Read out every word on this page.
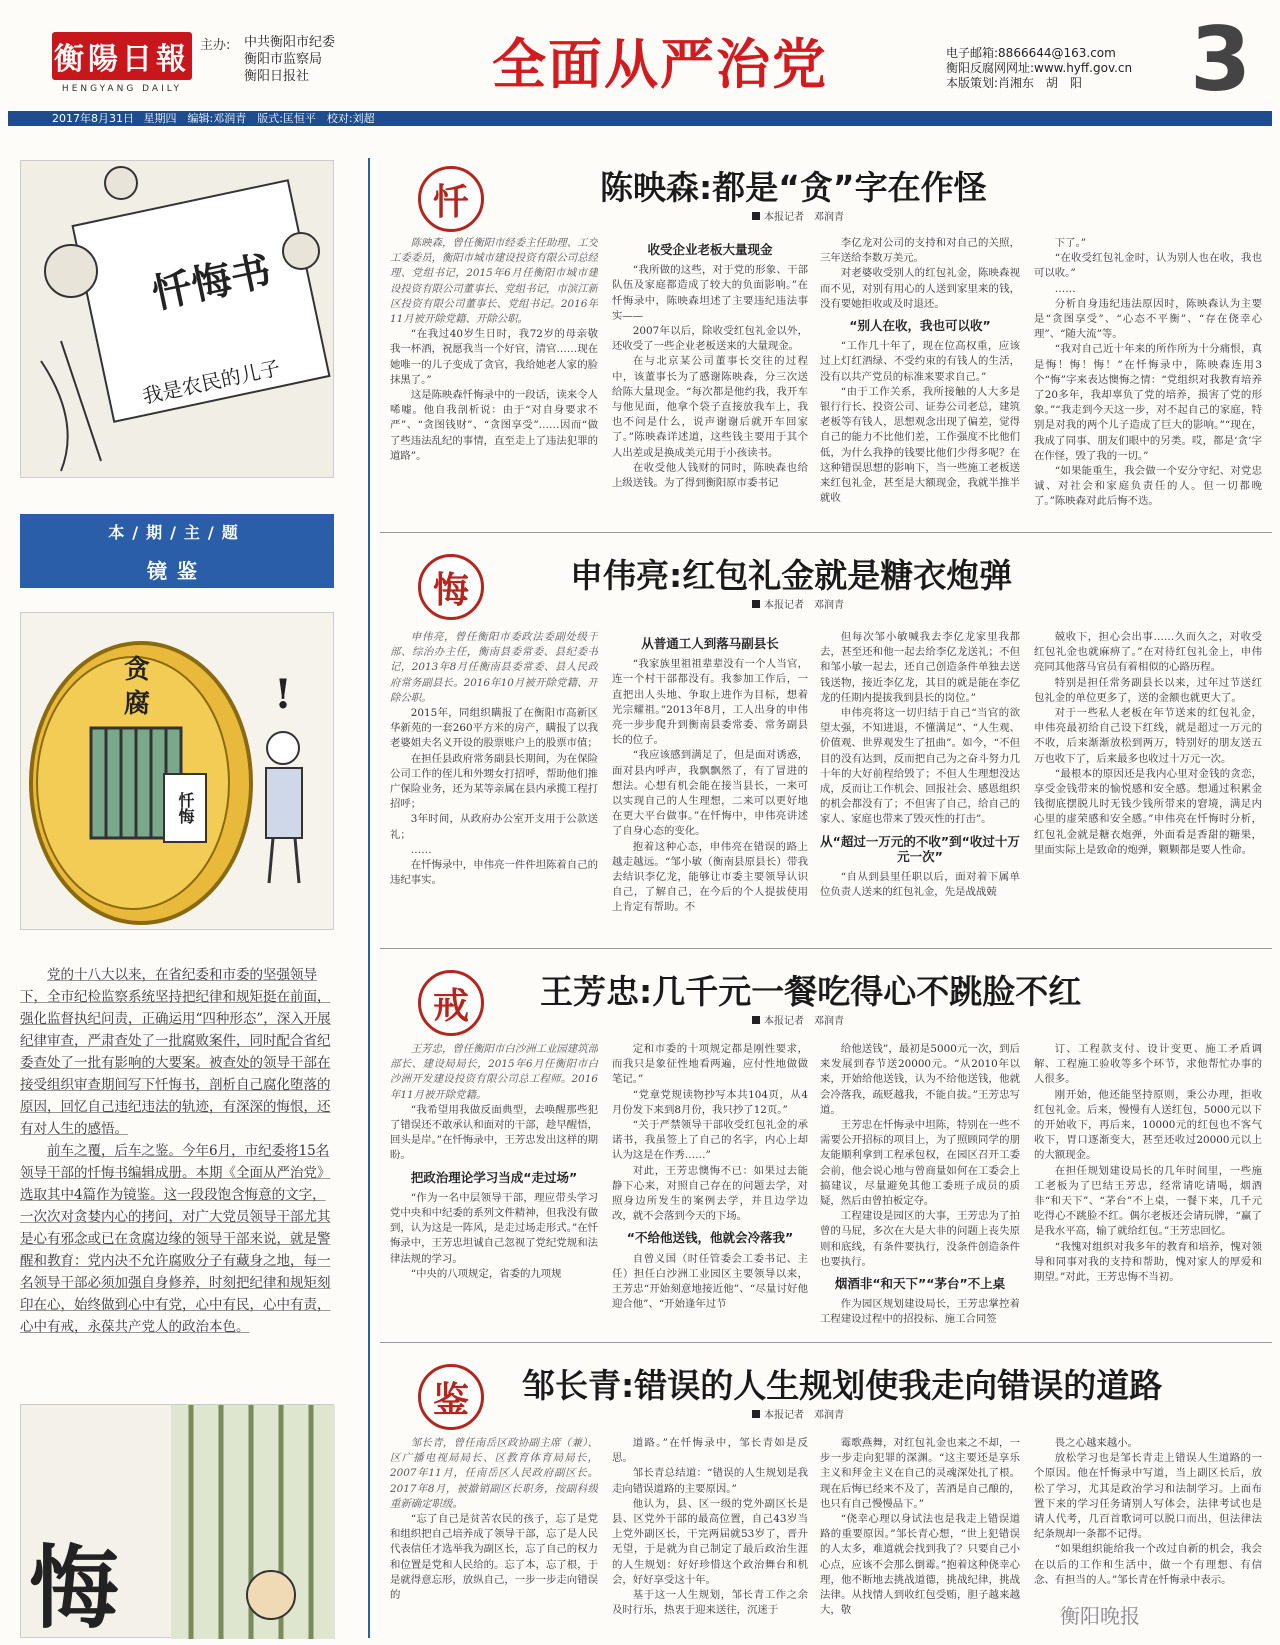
衡陽日報
HENGYANG DAILY
主办: 中共衡阳市纪委
衡阳市监察局
衡阳日报社	全面从严治党	电子邮箱:8866644@163.com
衡阳反腐网网址:www.hyff.gov.cn
本版策划:肖湘东　胡　阳	3
2017年8月31日 星期四　编辑:邓润青　版式:匡恒平　校对:刘超
忏悔书
我是农民的儿子
本/期/主/题
镜鉴
!
贪腐
忏悔

党的十八大以来，在省纪委和市委的坚强领导下，全市纪检监察系统坚持把纪律和规矩挺在前面，强化监督执纪问责，正确运用“四种形态”，深入开展纪律审查，严肃查处了一批腐败案件，同时配合省纪委查处了一批有影响的大要案。被查处的领导干部在接受组织审查期间写下忏悔书，剖析自己腐化堕落的原因，回忆自己违纪违法的轨迹，有深深的悔恨，还有对人生的感悟。

前车之覆，后车之鉴。今年6月，市纪委将15名领导干部的忏悔书编辑成册。本期《全面从严治党》选取其中4篇作为镜鉴。这一段段饱含悔意的文字，一次次对贪婪内心的拷问，对广大党员领导干部尤其是心有邪念或已在贪腐边缘的领导干部来说，就是警醒和教育：党内决不允许腐败分子有藏身之地，每一名领导干部必须加强自身修养，时刻把纪律和规矩刻印在心，始终做到心中有党，心中有民，心中有责，心中有戒，永葆共产党人的政治本色。

悔
忏	陈映森:都是“贪”字在作怪
本报记者　邓润青

陈映森，曾任衡阳市经委主任助理、工交工委委员，衡阳市城市建设投资有限公司总经理、党组书记，2015年6月任衡阳市城市建设投资有限公司董事长、党组书记，市滨江新区投资有限公司董事长、党组书记。2016年11月被开除党籍、开除公职。

“在我过40岁生日时，我72岁的母亲敬我一杯酒，祝愿我当一个好官，清官……现在她唯一的儿子变成了贪官，我给她老人家的脸抹黑了。”

这是陈映森忏悔录中的一段话，读来令人唏嘘。他自我剖析说：由于“对自身要求不严”、“贪图钱财”、“贪图享受”……因而“做了些违法乱纪的事情，直至走上了违法犯罪的道路”。

收受企业老板大量现金

“我所做的这些，对于党的形象、干部队伍及家庭都造成了较大的负面影响。”在忏悔录中，陈映森坦述了主要违纪违法事实——

2007年以后，除收受红包礼金以外，还收受了一些企业老板送来的大量现金。

在与北京某公司董事长交往的过程中，该董事长为了感谢陈映森，分三次送给陈大量现金。“每次都是他约我，我开车与他见面，他拿个袋子直接放我车上，我也不问是什么，说声谢谢后就开车回家了。”陈映森详述道，这些钱主要用于其个人出差或是换成美元用于小孩读书。

在收受他人钱财的同时，陈映森也给上级送钱。为了得到衡阳原市委书记

李亿龙对公司的支持和对自己的关照，三年送给李数万美元。

对老婆收受别人的红包礼金，陈映森视而不见，对别有用心的人送到家里来的钱，没有要她拒收或及时退还。

“别人在收，我也可以收”

“工作几十年了，现在位高权重，应该过上灯红酒绿、不受约束的有钱人的生活，没有以共产党员的标准来要求自己。”

“由于工作关系，我所接触的人大多是银行行长、投资公司、证券公司老总，建筑老板等有钱人，思想观念出现了偏差，觉得自己的能力不比他们差，工作强度不比他们低，为什么我挣的钱要比他们少得多呢？在这种错误思想的影响下，当一些施工老板送来红包礼金，甚至是大额现金，我就半推半就收

下了。”

“在收受红包礼金时，认为别人也在收，我也可以收。”

……

分析自身违纪违法原因时，陈映森认为主要是“贪图享受”、“心态不平衡”、“存在侥幸心理”、“随大流”等。

“我对自己近十年来的所作所为十分痛恨，真是悔！悔！悔！”在忏悔录中，陈映森连用3个“悔”字来表达懊悔之情：“党组织对我教育培养了20多年，我却辜负了党的培养，损害了党的形象。”“我走到今天这一步，对不起自己的家庭，特别是对我的两个儿子造成了巨大的影响。”“现在，我成了同事、朋友们眼中的另类。哎，都是‘贪’字在作怪，毁了我的一切。”

“如果能重生，我会做一个安分守纪、对党忠诚、对社会和家庭负责任的人。但一切都晚了。”陈映森对此后悔不迭。

悔	申伟亮:红包礼金就是糖衣炮弹
本报记者　邓润青

申伟亮，曾任衡阳市委政法委副处级干部、综治办主任，衡南县委常委、县纪委书记，2013年8月任衡南县委常委、县人民政府常务副县长。2016年10月被开除党籍、开除公职。

2015年，同组织瞒报了在衡阳市高新区华新苑的一套260平方米的房产，瞒报了以我老婆姐夫名义开设的股票账户上的股票市值；

在担任县政府常务副县长期间，为在保险公司工作的侄儿和外甥女打招呼，帮助他们推广保险业务，还为某等亲属在县内承揽工程打招呼；

3年时间，从政府办公室开支用于公款送礼；

……

在忏悔录中，申伟亮一件件坦陈着自己的违纪事实。

从普通工人到落马副县长

“我家族里祖祖辈辈没有一个人当官，连一个村干部都没有。我参加工作后，一直把出人头地、争取上进作为目标，想着光宗耀祖。”2013年8月，工人出身的申伟亮一步步爬升到衡南县委常委、常务副县长的位子。

“我应该感到满足了，但是面对诱惑，面对县内呼声，我飘飘然了，有了冒进的想法。心想有机会能在接当县长，一来可以实现自己的人生理想，二来可以更好地在更大平台做事。”在忏悔中，申伟亮讲述了自身心态的变化。

抱着这种心态，申伟亮在错误的路上越走越远。“邹小敏（衡南县原县长）带我去结识李亿龙，能够让市委主要领导认识自己，了解自己，在今后的个人提拔使用上肯定有帮助。不

但每次邹小敏喊我去李亿龙家里我都去，甚至还和他一起去给李亿龙送礼；不但和邹小敏一起去，还自己创造条件单独去送钱送物，接近李亿龙，其目的就是能在李亿龙的任期内提拔我到县长的岗位。”

申伟亮将这一切归结于自己“当官的欲望太强，不知进退，不懂满足”、“人生观、价值观、世界观发生了扭曲”。如今，“不但目的没有达到，反而把自己为之奋斗努力几十年的大好前程给毁了；不但人生理想没达成，反而让工作机会、回报社会、感恩组织的机会都没有了；不但害了自己，给自己的家人、家庭也带来了毁灭性的打击”。

从“超过一万元的不收”到“收过十万元一次”

“自从到县里任职以后，面对着下属单位负责人送来的红包礼金，先是战战兢

兢收下，担心会出事……久而久之，对收受红包礼金也就麻痹了。”在对待红包礼金上，申伟亮同其他落马官员有着相似的心路历程。

特别是担任常务副县长以来，过年过节送红包礼金的单位更多了，送的金额也就更大了。

对于一些私人老板在年节送来的红包礼金，申伟亮最初给自己设下红线，就是超过一万元的不收，后来渐渐放松到两万，特别好的朋友送五万也收下了，后来最多也收过十万元一次。

“最根本的原因还是我内心里对金钱的贪恋，享受金钱带来的愉悦感和安全感。想通过积累金钱彻底摆脱儿时无钱少钱所带来的窘境，满足内心里的虚荣感和安全感。”申伟亮在忏悔时分析，红包礼金就是糖衣炮弹，外面看是香甜的糖果，里面实际上是致命的炮弹，颗颗都是要人性命。

戒	王芳忠:几千元一餐吃得心不跳脸不红
本报记者　邓润青

王芳忠，曾任衡阳市白沙洲工业园建筑部部长、建设局局长，2015年6月任衡阳市白沙洲开发建设投资有限公司总工程师。2016年11月被开除党籍。

“我希望用我做反面典型，去唤醒那些犯了错误还不敢承认和面对的干部，趁早醒悟，回头是岸。”在忏悔录中，王芳忠发出这样的期盼。

把政治理论学习当成“走过场”

“作为一名中层领导干部，理应带头学习党中央和中纪委的系列文件精神，但我没有做到，认为这是一阵风，是走过场走形式。”在忏悔录中，王芳忠坦诚自己忽视了党纪党规和法律法规的学习。

“中央的八项规定，省委的九项规

定和市委的十项规定都是刚性要求，而我只是象征性地看两遍，应付性地做做笔记。”

“党章党规读物抄写本共104页，从4月份发下来到8月份，我只抄了12页。”

“关于严禁领导干部收受红包礼金的承诺书，我虽签上了自己的名字，内心上却认为这是在作秀……”

对此，王芳忠懊悔不已：如果过去能静下心来，对照自己存在的问题去学，对照身边所发生的案例去学，并且边学边改，就不会落到今天的下场。

“不给他送钱，他就会冷落我”

自曾义国（时任管委会工委书记、主任）担任白沙洲工业园区主要领导以来，王芳忠“开始刻意地接近他”、“尽量讨好他迎合他”、“开始逢年过节

给他送钱”，最初是5000元一次，到后来发展到春节送20000元。“从2010年以来，开始给他送钱，认为不给他送钱，他就会冷落我，疏贬越我，不能自拔。”王芳忠写道。

王芳忠在忏悔录中坦陈，特别在一些不需要公开招标的项目上，为了照顾同学的朋友能顺利拿到工程承包权，在园区召开工委会前，他会说心地与曾商量如何在工委会上搞建议，尽量避免其他工委班子成员的质疑，然后由曾拍板定夺。

工程建设是园区的大事，王芳忠为了拍曾的马屁，多次在大是大非的问题上丧失原则和底线，有条件要执行，没条件创造条件也要执行。

烟酒非“和天下”“茅台”不上桌

作为园区规划建设局长，王芳忠掌控着工程建设过程中的招投标、施工合同签

订、工程款支付、设计变更、施工矛盾调解、工程施工验收等多个环节，求他帮忙办事的人很多。

刚开始，他还能坚持原则，秉公办理，拒收红包礼金。后来，慢慢有人送红包，5000元以下的开始收下，再后来，10000元的红包也不客气收下，胃口逐渐变大，甚至还收过20000元以上的大额现金。

在担任规划建设局长的几年时间里，一些施工老板为了巴结王芳忠，经常请吃请喝，烟酒非“和天下”、“茅台”不上桌，一餐下来，几千元吃得心不跳脸不红。偶尔老板还会请玩牌，“赢了是我水平高，输了就给红包。”王芳忠回忆。

“我愧对组织对我多年的教育和培养，愧对领导和同事对我的支持和帮助，愧对家人的厚爱和期望。”对此，王芳忠悔不当初。

鉴	邹长青:错误的人生规划使我走向错误的道路
本报记者　邓润青

邹长青，曾任南岳区政协副主席（兼）、区广播电视局局长、区教育体育局局长，2007年11月，任南岳区人民政府副区长。2017年8月，被撤销副区长职务，按副科级重新确定职级。

“忘了自己是贫苦农民的孩子，忘了是党和组织把自己培养成了领导干部，忘了是人民代表信任才选举我为副区长，忘了自己的权力和位置是党和人民给的。忘了本，忘了根，于是就得意忘形，放纵自己，一步一步走向错误的

道路。”在忏悔录中，邹长青如是反思。

邹长青总结道：“错误的人生规划是我走向错误道路的主要原因。”

他认为，县、区一级的党外副区长是县、区党外干部的最高位置，自己43岁当上党外副区长，干完两届就53岁了，晋升无望，于是就为自己制定了最后政治生涯的人生规划：好好珍惜这个政治舞台和机会，好好享受这十年。

基于这一人生规划，邹长青工作之余及时行乐，热衷于迎来送往，沉迷于

霉歌燕舞，对红包礼金也来之不却，一步一步走向犯罪的深渊。“这主要还是享乐主义和拜金主义在自己的灵魂深处扎了根。现在后悔已经来不及了，苦酒是自己酿的，也只有自己慢慢品下。”

“侥幸心理以身试法也是我走上错误道路的重要原因。”邹长青心想，“世上犯错误的人太多，难道就会找到我了？只要自己小心点，应该不会那么倒霉。”抱着这种侥幸心理，他不断地去挑战道德，挑战纪律，挑战法律。从找情人到收红包受贿，胆子越来越大，敬

畏之心越来越小。

放松学习也是邹长青走上错误人生道路的一个原因。他在忏悔录中写道，当上副区长后，放松了学习，尤其是政治学习和法制学习。上面布置下来的学习任务请别人写体会，法律考试也是请人代考，几百首歌词可以脱口而出，但法律法纪条规却一条都不记得。

“如果组织能给我一个改过自新的机会，我会在以后的工作和生活中，做一个有理想、有信念、有担当的人。”邹长青在忏悔录中表示。

衡阳晚报
